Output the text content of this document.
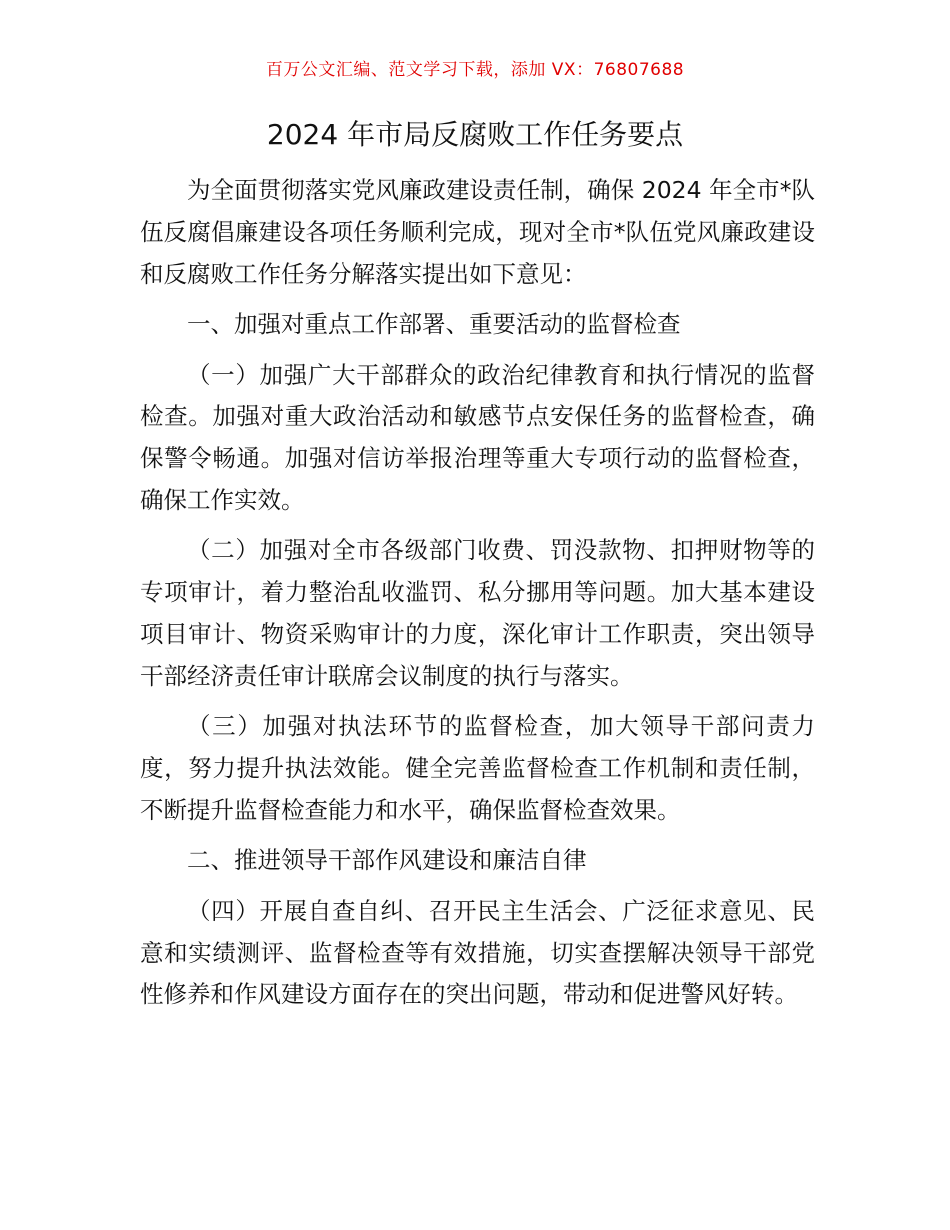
百万公文汇编、范文学习下载，添加 VX：76807688
2024 年市局反腐败工作任务要点

为全面贯彻落实党风廉政建设责任制，确保 2024 年全市*队伍反腐倡廉建设各项任务顺利完成，现对全市*队伍党风廉政建设和反腐败工作任务分解落实提出如下意见：

一、加强对重点工作部署、重要活动的监督检查

（一）加强广大干部群众的政治纪律教育和执行情况的监督检查。加强对重大政治活动和敏感节点安保任务的监督检查，确保警令畅通。加强对信访举报治理等重大专项行动的监督检查，确保工作实效。

（二）加强对全市各级部门收费、罚没款物、扣押财物等的专项审计，着力整治乱收滥罚、私分挪用等问题。加大基本建设项目审计、物资采购审计的力度，深化审计工作职责，突出领导干部经济责任审计联席会议制度的执行与落实。

（三）加强对执法环节的监督检查，加大领导干部问责力度，努力提升执法效能。健全完善监督检查工作机制和责任制，不断提升监督检查能力和水平，确保监督检查效果。

二、推进领导干部作风建设和廉洁自律

（四）开展自查自纠、召开民主生活会、广泛征求意见、民意和实绩测评、监督检查等有效措施，切实查摆解决领导干部党性修养和作风建设方面存在的突出问题，带动和促进警风好转。
